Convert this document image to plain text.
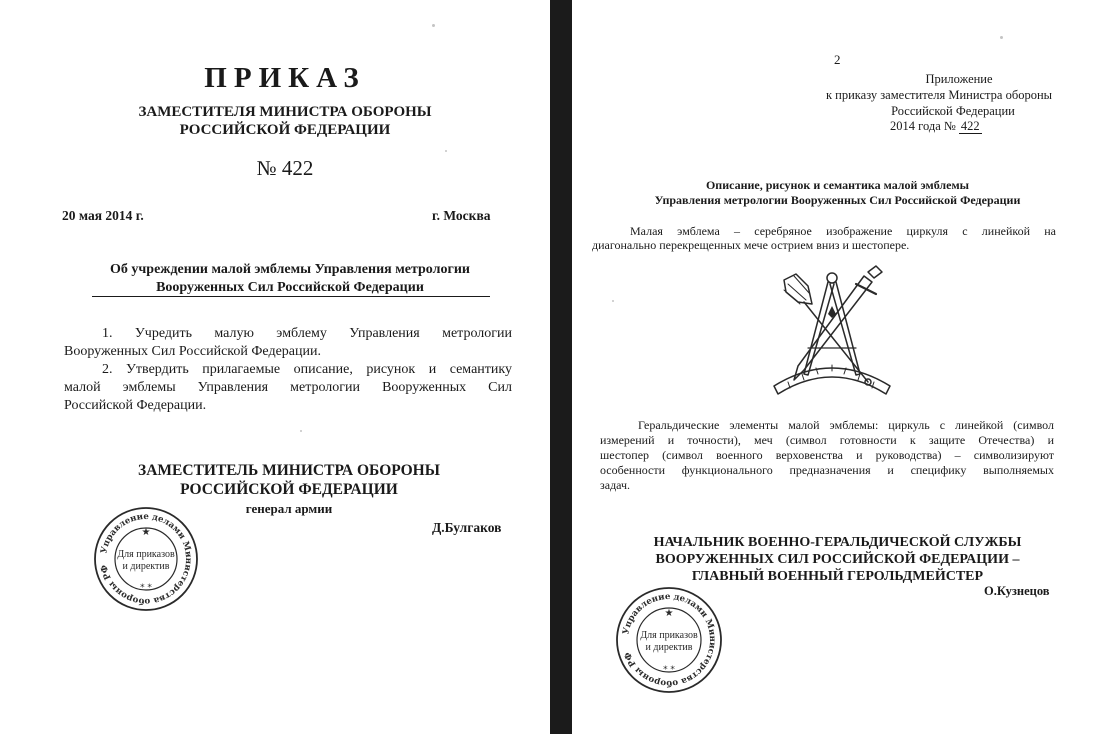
ПРИКАЗ

ЗАМЕСТИТЕЛЯ МИНИСТРА ОБОРОНЫ

РОССИЙСКОЙ ФЕДЕРАЦИИ

№ 422

20 мая 2014 г.	г. Москва

Об учреждении малой эмблемы Управления метрологии

Вооруженных Сил Российской Федерации

1. Учредить малую эмблему Управления метрологии

Вооруженных Сил Российской Федерации.

2. Утвердить прилагаемые описание, рисунок и семантику

малой эмблемы Управления метрологии Вооруженных Сил

Российской Федерации.

ЗАМЕСТИТЕЛЬ МИНИСТРА ОБОРОНЫ

РОССИЙСКОЙ ФЕДЕРАЦИИ

генерал армии

Д.Булгаков

Управление делами Министерства обороны РФ
Для приказов
и директив
★
* *

2

Приложение

к приказу заместителя Министра обороны

Российской Федерации

2014 года № 422

Описание, рисунок и семантика малой эмблемы

Управления метрологии Вооруженных Сил Российской Федерации

Малая эмблема – серебряное изображение циркуля с линейкой на

диагонально перекрещенных мече острием вниз и шестопере.

Геральдические элементы малой эмблемы: циркуль с линейкой (символ

измерений и точности), меч (символ готовности к защите Отечества) и

шестопер (символ военного верховенства и руководства) – символизируют

особенности функционального предназначения и специфику выполняемых

задач.

НАЧАЛЬНИК ВОЕННО-ГЕРАЛЬДИЧЕСКОЙ СЛУЖБЫ

ВООРУЖЕННЫХ СИЛ РОССИЙСКОЙ ФЕДЕРАЦИИ –

ГЛАВНЫЙ ВОЕННЫЙ ГЕРОЛЬДМЕЙСТЕР

О.Кузнецов

Управление делами Министерства обороны РФ
Для приказов
и директив
★
* *
